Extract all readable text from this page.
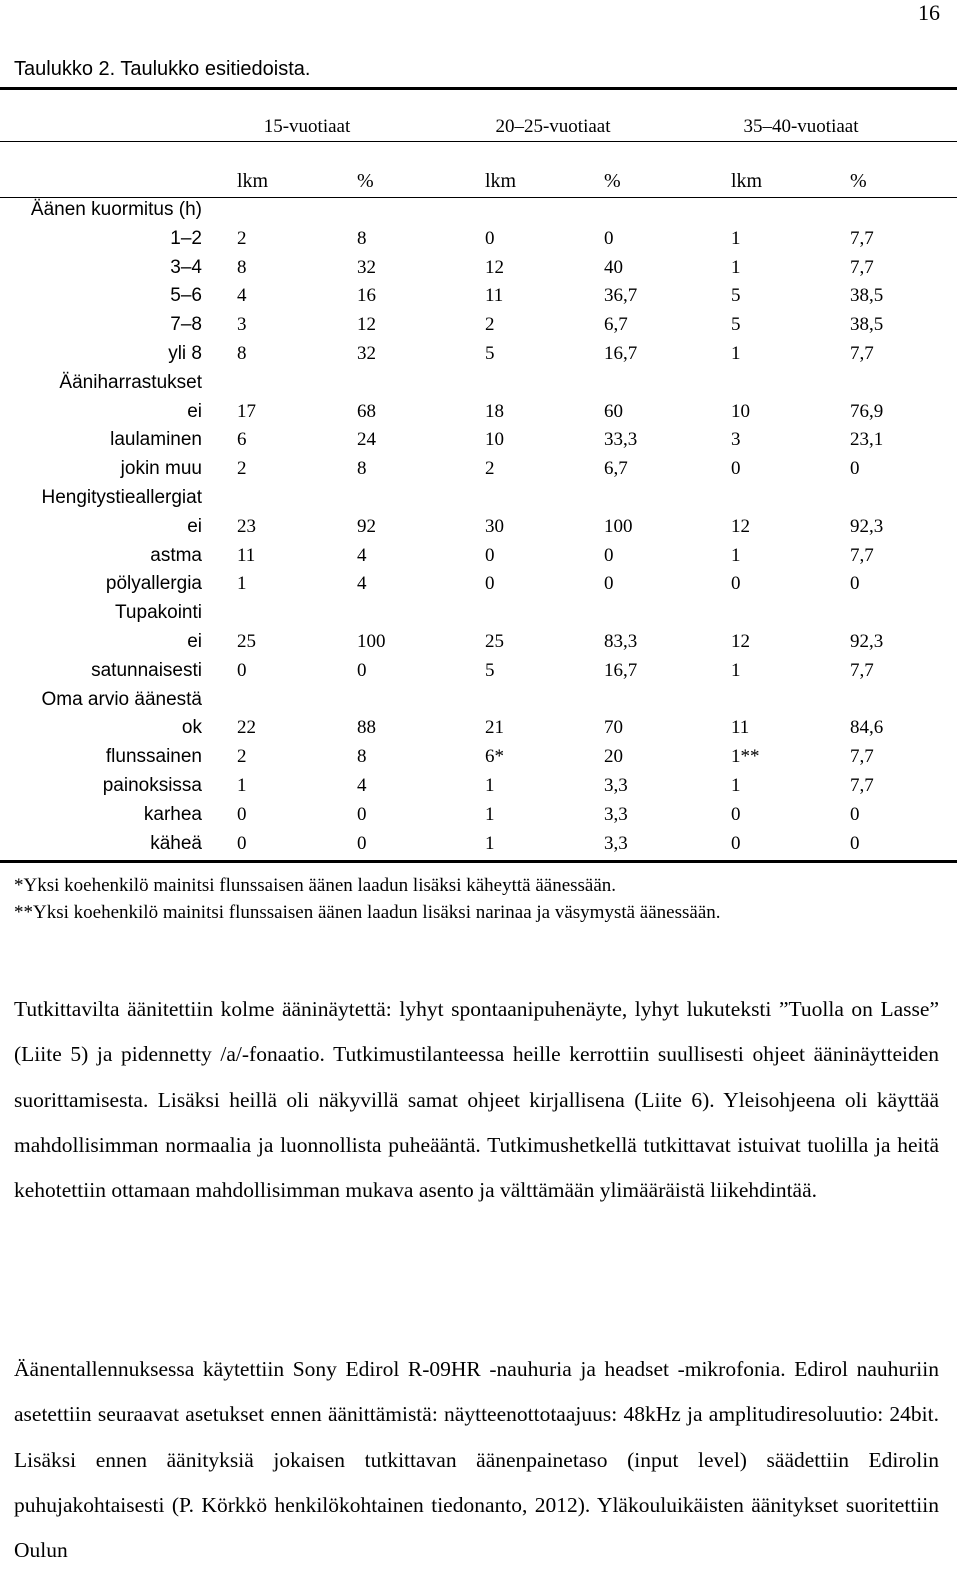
16
Taulukko 2. Taulukko esitiedoista.
15-vuotiaat	20–25-vuotiaat	35–40-vuotiaat
lkm	%	lkm	%	lkm	%
Äänen kuormitus (h)
1–2 2	8	0	0	1	7,7
3–4 8	32	12	40	1	7,7
5–6 4	16	11	36,7	5	38,5
7–8 3	12	2	6,7	5	38,5
yli 8 8	32	5	16,7	1	7,7
Ääniharrastukset
ei 17	68	18	60	10	76,9
laulaminen 6	24	10	33,3	3	23,1
jokin muu 2	8	2	6,7	0	0
Hengitystieallergiat
ei 23	92	30	100	12	92,3
astma 11	4	0	0	1	7,7
pölyallergia 1	4	0	0	0	0
Tupakointi
ei 25	100	25	83,3	12	92,3
satunnaisesti 0	0	5	16,7	1	7,7
Oma arvio äänestä
ok 22	88	21	70	11	84,6
flunssainen 2	8	6*	20	1**	7,7
painoksissa 1	4	1	3,3	1	7,7
karhea 0	0	1	3,3	0	0
käheä 0	0	1	3,3	0	0
*Yksi koehenkilö mainitsi flunssaisen äänen laadun lisäksi käheyttä äänessään.
**Yksi koehenkilö mainitsi flunssaisen äänen laadun lisäksi narinaa ja väsymystä äänessään.
Tutkittavilta äänitettiin kolme ääninäytettä: lyhyt spontaanipuhenäyte, lyhyt lukuteksti ”Tuolla on Lasse” (Liite 5) ja pidennetty /a/-fonaatio. Tutkimustilanteessa heille kerrottiin suullisesti ohjeet ääninäytteiden suorittamisesta. Lisäksi heillä oli näkyvillä samat ohjeet kirjallisena (Liite 6). Yleisohjeena oli käyttää mahdollisimman normaalia ja luonnollista puheääntä. Tutkimushetkellä tutkittavat istuivat tuolilla ja heitä kehotettiin ottamaan mahdollisimman mukava asento ja välttämään ylimääräistä liikehdintää.
Äänentallennuksessa käytettiin Sony Edirol R-09HR -nauhuria ja headset -mikrofonia. Edirol nauhuriin asetettiin seuraavat asetukset ennen äänittämistä: näytteenottotaajuus: 48kHz ja amplitudiresoluutio: 24bit. Lisäksi ennen äänityksiä jokaisen tutkittavan äänenpainetaso (input level) säädettiin Edirolin puhujakohtaisesti (P. Körkkö henkilökohtainen tiedonanto, 2012). Yläkouluikäisten äänitykset suoritettiin Oulun
